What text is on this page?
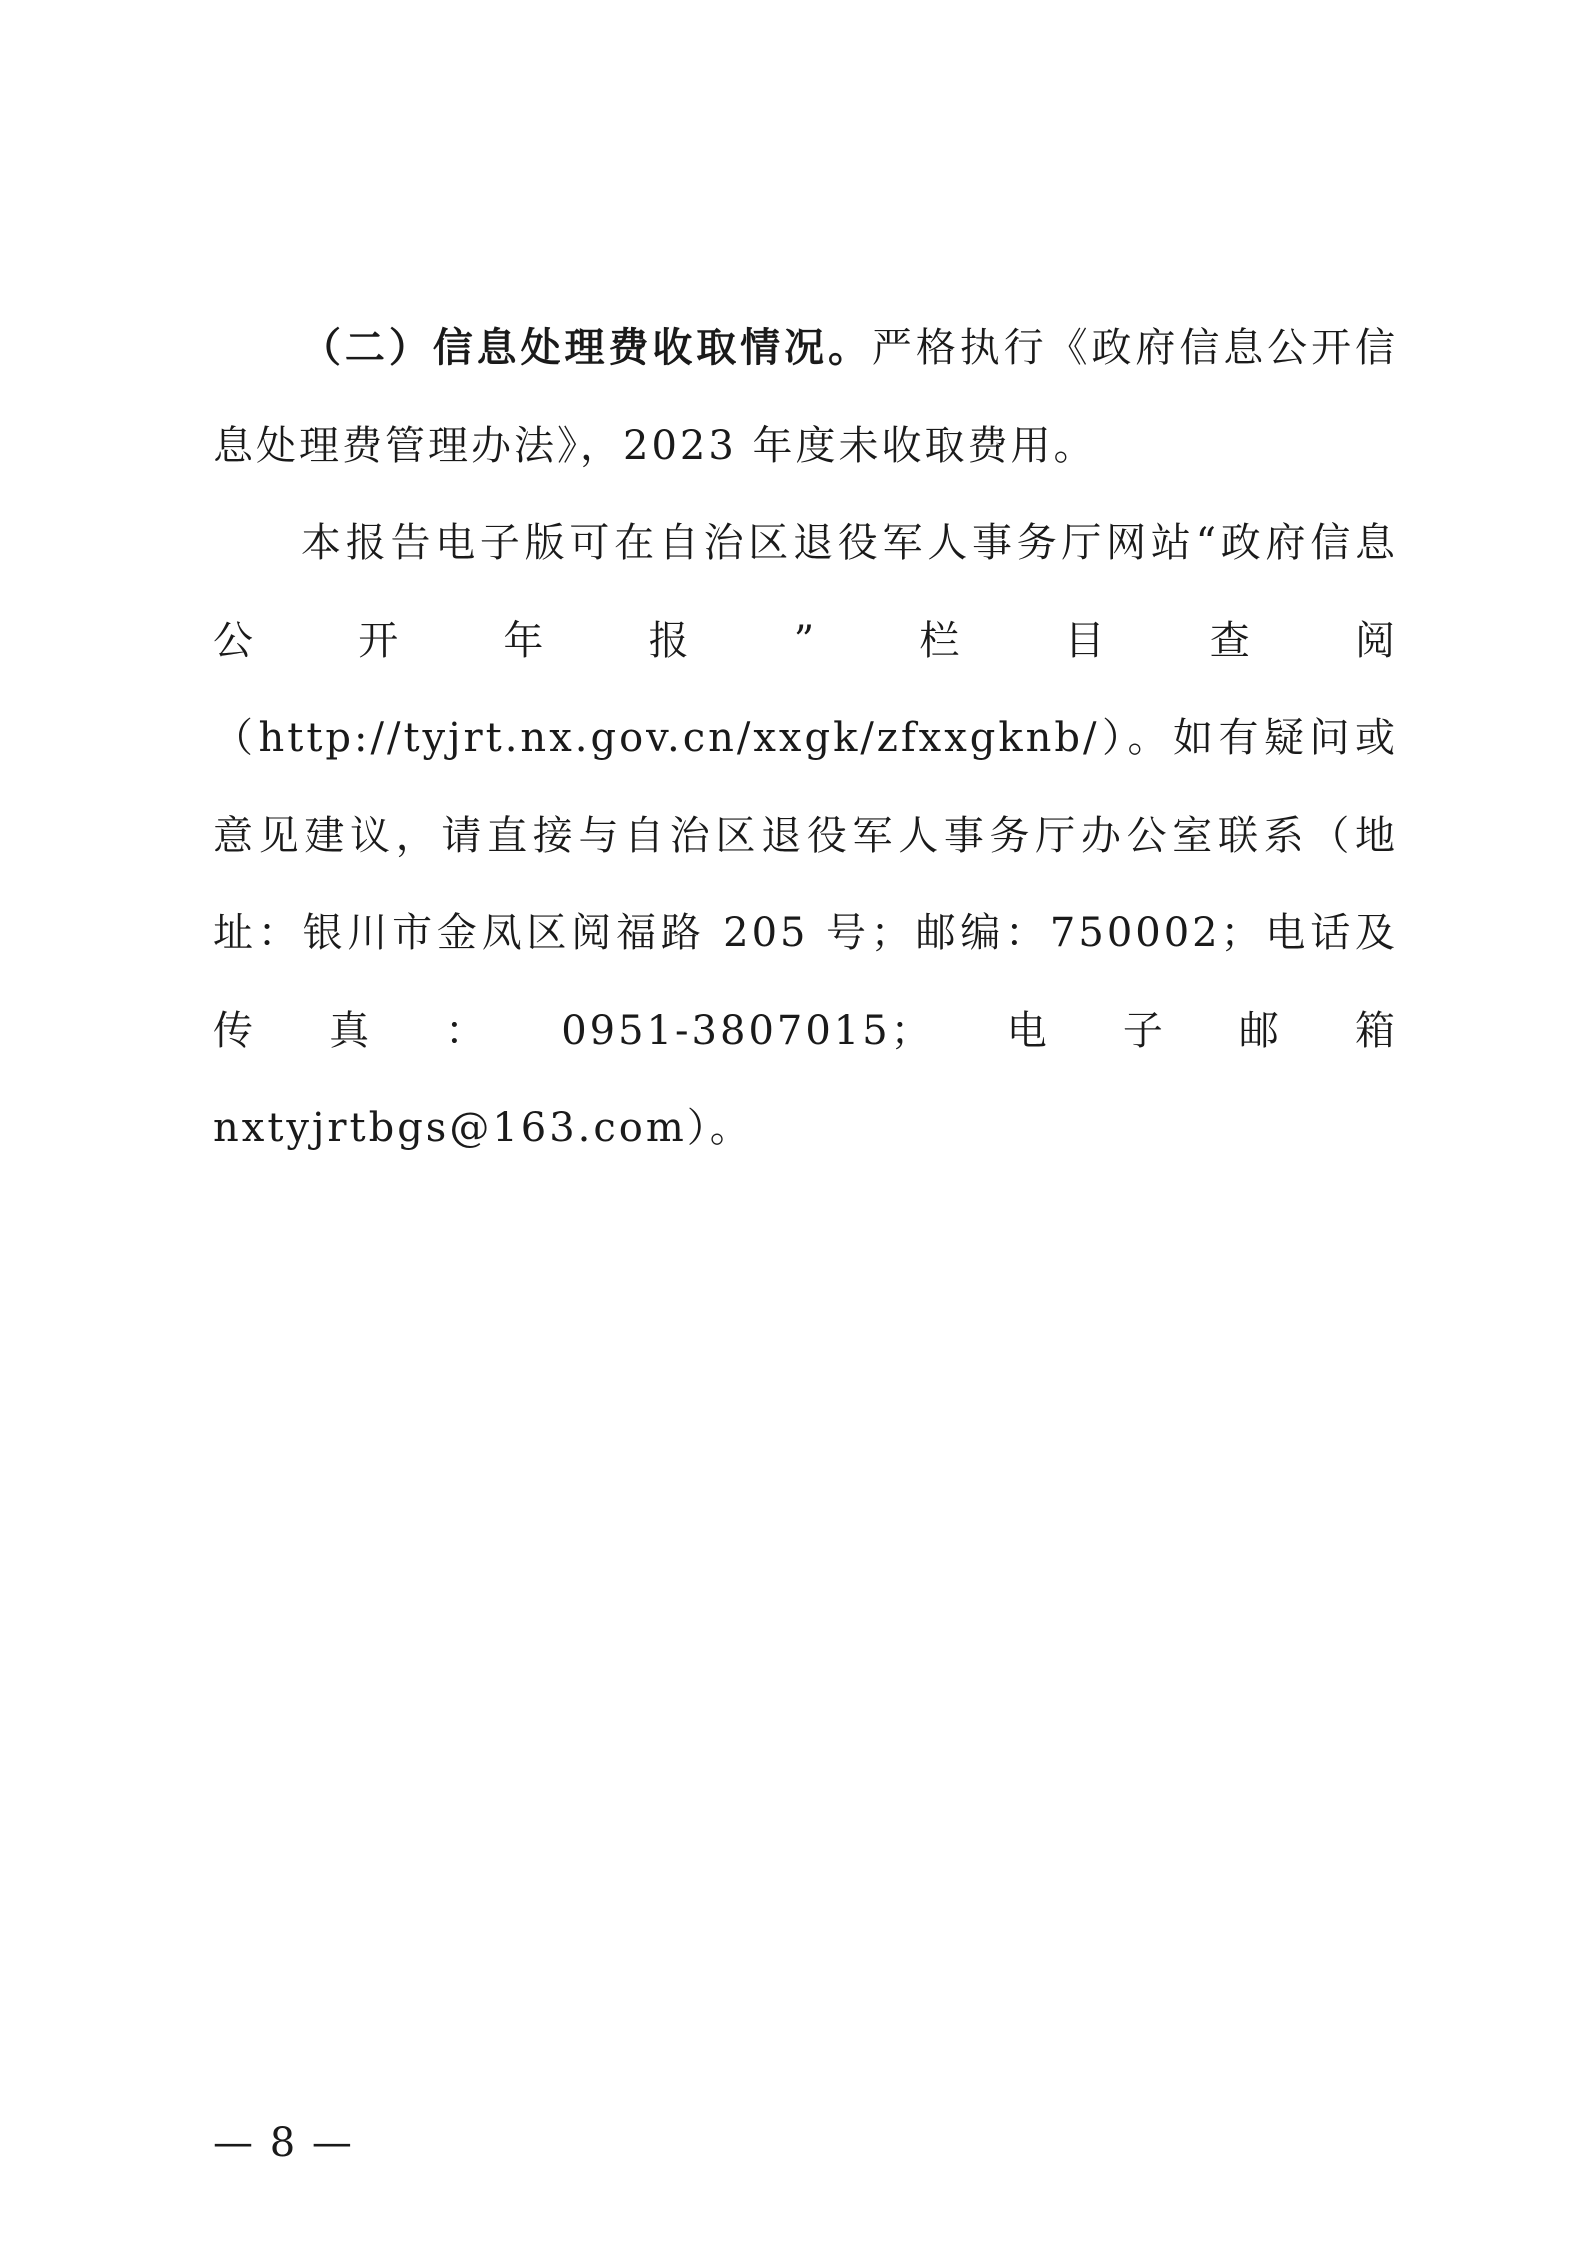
（二）信息处理费收取情况。严格执行《政府信息公开信息处理费管理办法》，2023 年度未收取费用。

本报告电子版可在自治区退役军人事务厅网站“政府信息公开年报”栏目查阅（http://tyjrt.nx.gov.cn/xxgk/zfxxgknb/）。如有疑问或意见建议，请直接与自治区退役军人事务厅办公室联系（地址：银川市金凤区阅福路 205 号；邮编：750002；电话及传真：0951-3807015；电子邮箱 nxtyjrtbgs@163.com）。

— 8 —
